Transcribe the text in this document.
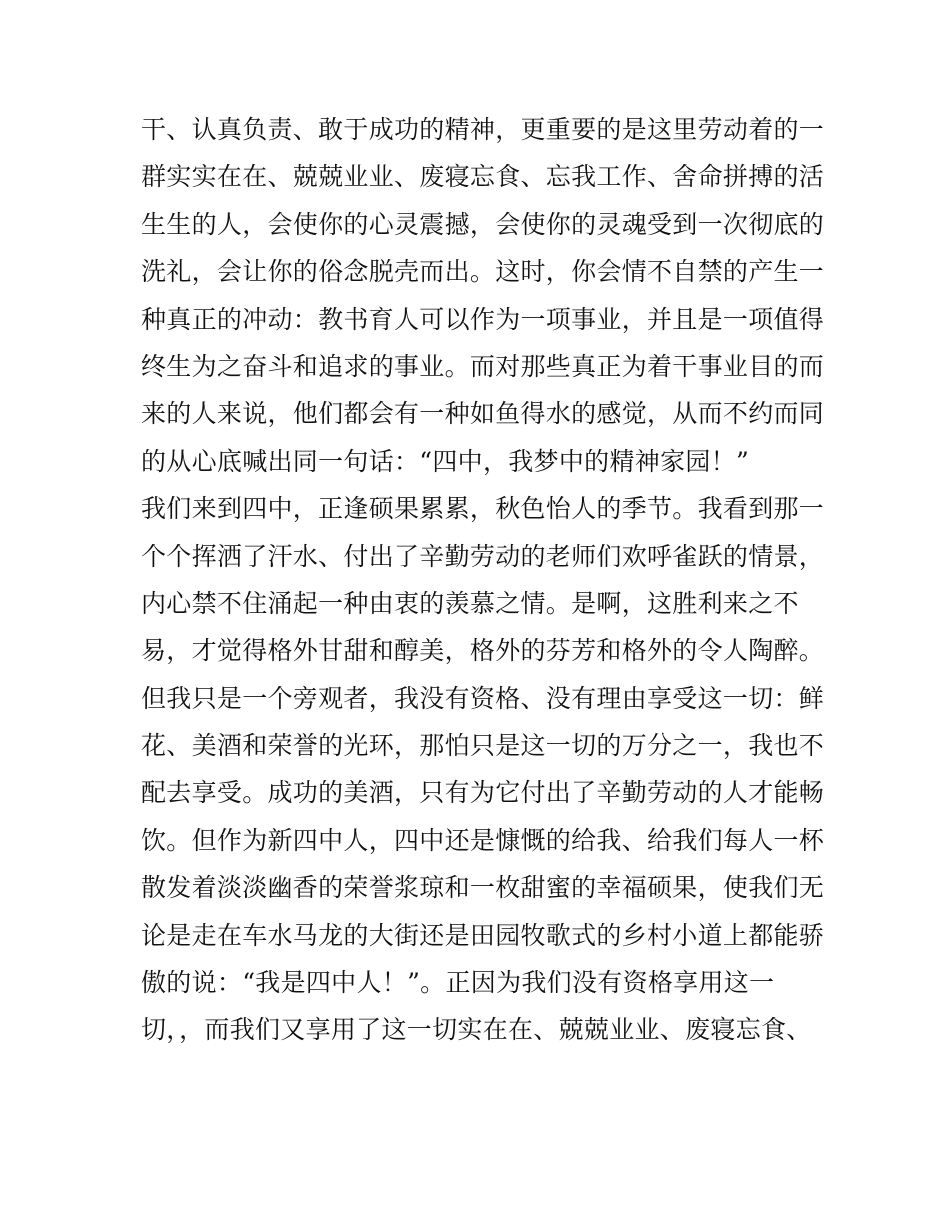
干、认真负责、敢于成功的精神，更重要的是这里劳动着的一
群实实在在、兢兢业业、废寝忘食、忘我工作、舍命拼搏的活
生生的人，会使你的心灵震撼，会使你的灵魂受到一次彻底的
洗礼，会让你的俗念脱壳而出。这时，你会情不自禁的产生一
种真正的冲动：教书育人可以作为一项事业，并且是一项值得
终生为之奋斗和追求的事业。而对那些真正为着干事业目的而
来的人来说，他们都会有一种如鱼得水的感觉，从而不约而同
的从心底喊出同一句话：“四中，我梦中的精神家园！”
我们来到四中，正逢硕果累累，秋色怡人的季节。我看到那一
个个挥洒了汗水、付出了辛勤劳动的老师们欢呼雀跃的情景，
内心禁不住涌起一种由衷的羡慕之情。是啊，这胜利来之不
易，才觉得格外甘甜和醇美，格外的芬芳和格外的令人陶醉。
但我只是一个旁观者，我没有资格、没有理由享受这一切：鲜
花、美酒和荣誉的光环，那怕只是这一切的万分之一，我也不
配去享受。成功的美酒，只有为它付出了辛勤劳动的人才能畅
饮。但作为新四中人，四中还是慷慨的给我、给我们每人一杯
散发着淡淡幽香的荣誉浆琼和一枚甜蜜的幸福硕果，使我们无
论是走在车水马龙的大街还是田园牧歌式的乡村小道上都能骄
傲的说：“我是四中人！”。正因为我们没有资格享用这一
切，，而我们又享用了这一切实在在、兢兢业业、废寝忘食、
